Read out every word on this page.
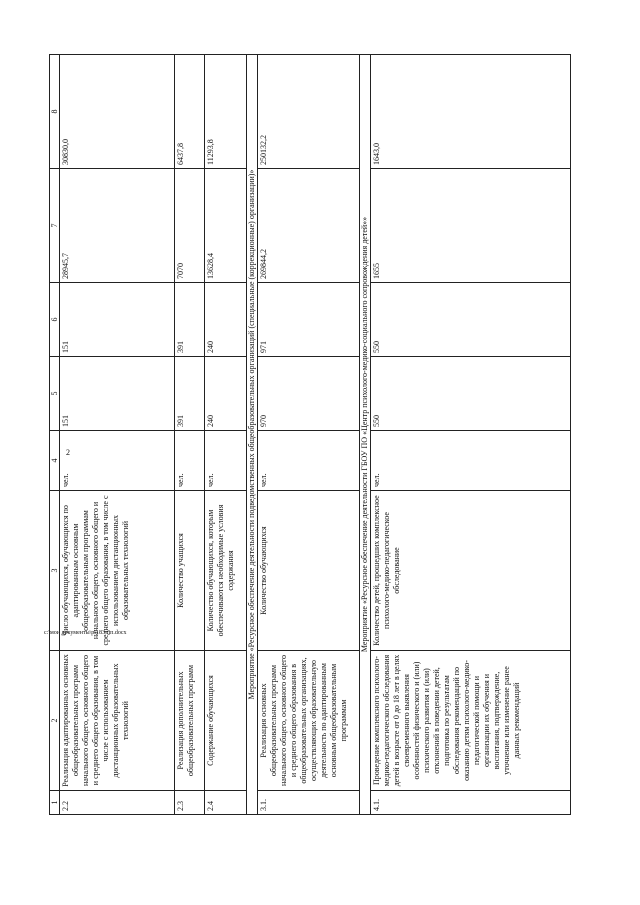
2
c:\мои документы\р\183-пп.docx
1	2	3	4	5	6	7	8
2.2	Реализация адаптированных основных общеобразовательных программ начального общего, основного общего и среднего общего образования, в том числе с использованием дистанционных образовательных технологий	Число обучающихся, обучающихся по адаптированным основным общеобразовательным программам начального общего, основного общего и среднего общего образования, в том числе с использованием дистанционных образовательных технологий	чел.	151	151	28945,7	30830,0
2.3	Реализация дополнительных общеобразовательных программ	Количество учащихся	чел.	391	391	7070	6437,8
2.4	Содержание обучающихся	Количество обучающихся, которым обеспечиваются необходимые условия содержания	чел.	240	240	13628,4	11293,8
Мероприятие «Ресурсное обеспечение деятельности подведомственных общеобразовательных организаций (специальные (коррекционные) организации)»							
3.1.	Реализация основных общеобразовательных программ начального общего, основного общего и среднего общего образования в общеобразовательных организациях, осуществляющих образовательную деятельность по адаптированным основным общеобразовательным программам	Количество обучающихся	чел.	970	971	269844,2	250132,2
Мероприятие «Ресурсное обеспечение деятельности ГБОУ ПО «Центр психолого-медико-социального сопровождения детей»»							
4.1.	Проведение комплексного психолого-медико-педагогического обследования детей в возрасте от 0 до 18 лет в целях своевременного выявления особенностей физического и (или) психического развития и (или) отклонений в поведении детей, подготовка по результатам обследования рекомендаций по оказанию детям психолого-медико-педагогической помощи и организации их обучения и воспитания, подтверждение, уточнение или изменение ранее данных рекомендаций	Количество детей, прошедших комплексное психолого-медико-педагогическое обследование	чел.	550	550	1655	1643,0
